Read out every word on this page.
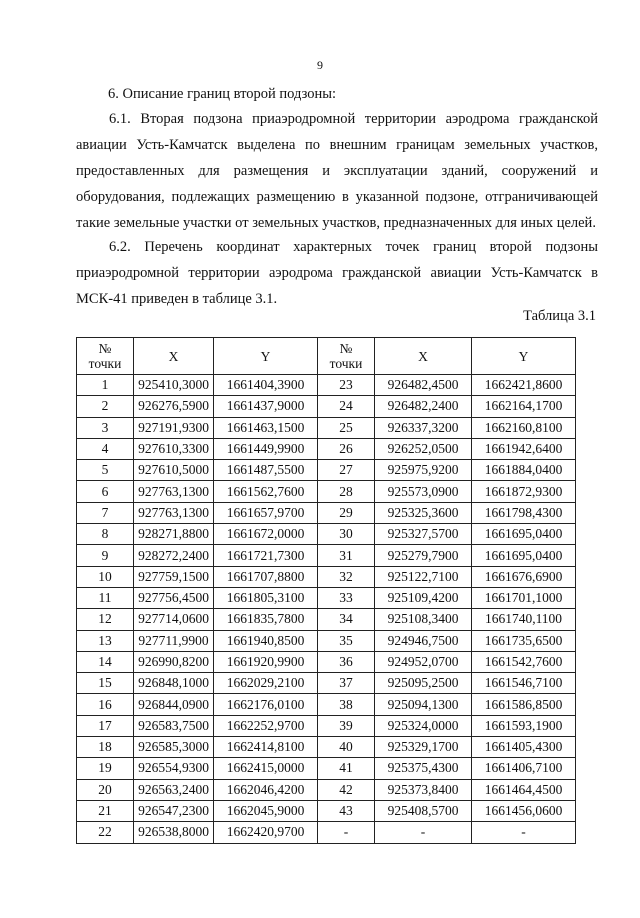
9
6. Описание границ второй подзоны:
6.1. Вторая подзона приаэродромной территории аэродрома гражданской авиации Усть-Камчатск выделена по внешним границам земельных участков, предоставленных для размещения и эксплуатации зданий, сооружений и оборудования, подлежащих размещению в указанной подзоне, отграничивающей такие земельные участки от земельных участков, предназначенных для иных целей.
6.2. Перечень координат характерных точек границ второй подзоны приаэродромной территории аэродрома гражданской авиации Усть-Камчатск в МСК-41 приведен в таблице 3.1.
Таблица 3.1
№
точки	X	Y	№
точки	X	Y
1	925410,3000	1661404,3900	23	926482,4500	1662421,8600
2	926276,5900	1661437,9000	24	926482,2400	1662164,1700
3	927191,9300	1661463,1500	25	926337,3200	1662160,8100
4	927610,3300	1661449,9900	26	926252,0500	1661942,6400
5	927610,5000	1661487,5500	27	925975,9200	1661884,0400
6	927763,1300	1661562,7600	28	925573,0900	1661872,9300
7	927763,1300	1661657,9700	29	925325,3600	1661798,4300
8	928271,8800	1661672,0000	30	925327,5700	1661695,0400
9	928272,2400	1661721,7300	31	925279,7900	1661695,0400
10	927759,1500	1661707,8800	32	925122,7100	1661676,6900
11	927756,4500	1661805,3100	33	925109,4200	1661701,1000
12	927714,0600	1661835,7800	34	925108,3400	1661740,1100
13	927711,9900	1661940,8500	35	924946,7500	1661735,6500
14	926990,8200	1661920,9900	36	924952,0700	1661542,7600
15	926848,1000	1662029,2100	37	925095,2500	1661546,7100
16	926844,0900	1662176,0100	38	925094,1300	1661586,8500
17	926583,7500	1662252,9700	39	925324,0000	1661593,1900
18	926585,3000	1662414,8100	40	925329,1700	1661405,4300
19	926554,9300	1662415,0000	41	925375,4300	1661406,7100
20	926563,2400	1662046,4200	42	925373,8400	1661464,4500
21	926547,2300	1662045,9000	43	925408,5700	1661456,0600
22	926538,8000	1662420,9700	-	-	-
